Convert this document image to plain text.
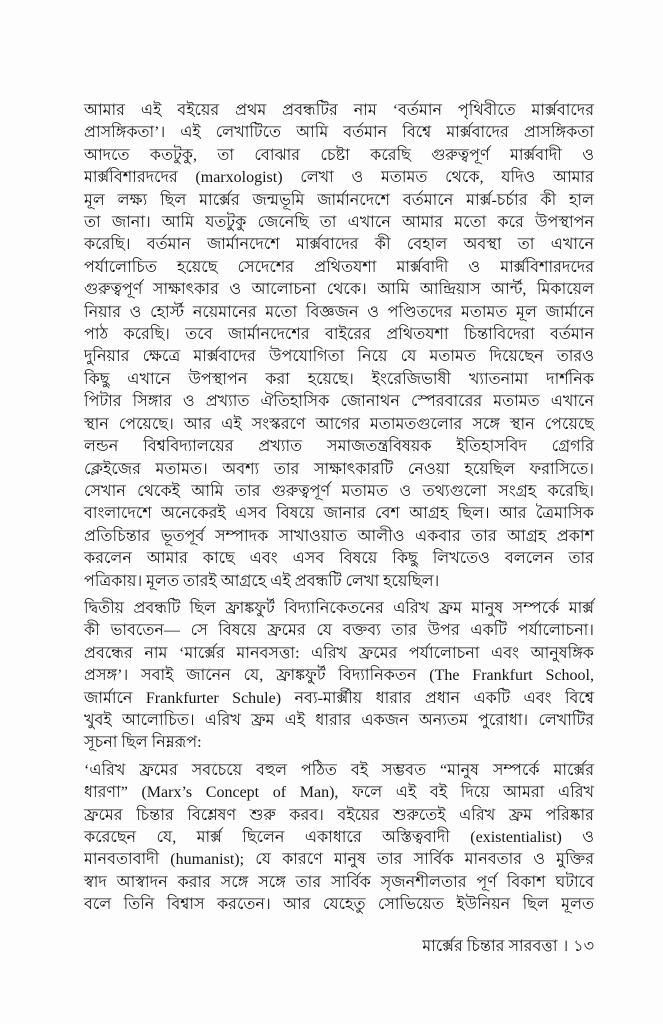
আমার এই বইয়ের প্রথম প্রবন্ধটির নাম ‘বর্তমান পৃথিবীতে মার্ক্সবাদের
প্রাসঙ্গিকতা’। এই লেখাটিতে আমি বর্তমান বিশ্বে মার্ক্সবাদের প্রাসঙ্গিকতা
আদতে কতটুকু, তা বোঝার চেষ্টা করেছি গুরুত্বপূর্ণ মার্ক্সবাদী ও
মার্ক্সবিশারদদের (marxologist) লেখা ও মতামত থেকে, যদিও আমার
মূল লক্ষ্য ছিল মার্ক্সের জন্মভূমি জার্মানদেশে বর্তমানে মার্ক্স-চর্চার কী হাল
তা জানা। আমি যতটুকু জেনেছি তা এখানে আমার মতো করে উপস্থাপন
করেছি। বর্তমান জার্মানদেশে মার্ক্সবাদের কী বেহাল অবস্থা তা এখানে
পর্যালোচিত হয়েছে সেদেশের প্রথিতযশা মার্ক্সবাদী ও মার্ক্সবিশারদদের
গুরুত্বপূর্ণ সাক্ষাৎকার ও আলোচনা থেকে। আমি আন্দ্রিয়াস আর্ন্ট, মিকায়েল
নিয়ার ও হোর্স্ট নয়েমানের মতো বিজ্ঞজন ও পণ্ডিতদের মতামত মূল জার্মানে
পাঠ করেছি। তবে জার্মানদেশের বাইরের প্রথিতযশা চিন্তাবিদেরা বর্তমান
দুনিয়ার ক্ষেত্রে মার্ক্সবাদের উপযোগিতা নিয়ে যে মতামত দিয়েছেন তারও
কিছু এখানে উপস্থাপন করা হয়েছে। ইংরেজিভাষী খ্যাতনামা দার্শনিক
পিটার সিঙ্গার ও প্রখ্যাত ঐতিহাসিক জোনাথন স্পেরবারের মতামত এখানে
স্থান পেয়েছে। আর এই সংস্করণে আগের মতামতগুলোর সঙ্গে স্থান পেয়েছে
লন্ডন বিশ্ববিদ্যালয়ের প্রখ্যাত সমাজতন্ত্রবিষয়ক ইতিহাসবিদ গ্রেগরি
ক্লেইজের মতামত। অবশ্য তার সাক্ষাৎকারটি নেওয়া হয়েছিল ফরাসিতে।
সেখান থেকেই আমি তার গুরুত্বপূর্ণ মতামত ও তথ্যগুলো সংগ্রহ করেছি।
বাংলাদেশে অনেকেরই এসব বিষয়ে জানার বেশ আগ্রহ ছিল। আর ত্রৈমাসিক
প্রতিচিন্তার ভূতপূর্ব সম্পাদক সাখাওয়াত আলীও একবার তার আগ্রহ প্রকাশ
করলেন আমার কাছে এবং এসব বিষয়ে কিছু লিখতেও বললেন তার
পত্রিকায়। মূলত তারই আগ্রহে এই প্রবন্ধটি লেখা হয়েছিল।
দ্বিতীয় প্রবন্ধটি ছিল ফ্রাঙ্কফুর্ট বিদ্যানিকেতনের এরিখ ফ্রম মানুষ সম্পর্কে মার্ক্স
কী ভাবতেন— সে বিষয়ে ফ্রমের যে বক্তব্য তার উপর একটি পর্যালোচনা।
প্রবন্ধের নাম ‘মার্ক্সের মানবসত্তা: এরিখ ফ্রমের পর্যালোচনা এবং আনুষঙ্গিক
প্রসঙ্গ’। সবাই জানেন যে, ফ্রাঙ্কফুর্ট বিদ্যানিকতন (The Frankfurt School,
জার্মানে Frankfurter Schule) নব্য-মার্ক্সীয় ধারার প্রধান একটি এবং বিশ্বে
খুবই আলোচিত। এরিখ ফ্রম এই ধারার একজন অন্যতম পুরোধা। লেখাটির
সূচনা ছিল নিম্নরূপ:
‘এরিখ ফ্রমের সবচেয়ে বহুল পঠিত বই সম্ভবত “মানুষ সম্পর্কে মার্ক্সের
ধারণা” (Marx’s Concept of Man), ফলে এই বই দিয়ে আমরা এরিখ
ফ্রমের চিন্তার বিশ্লেষণ শুরু করব। বইয়ের শুরুতেই এরিখ ফ্রম পরিষ্কার
করেছেন যে, মার্ক্স ছিলেন একাধারে অস্তিত্ববাদী (existentialist) ও
মানবতাবাদী (humanist); যে কারণে মানুষ তার সার্বিক মানবতার ও মুক্তির
স্বাদ আস্বাদন করার সঙ্গে সঙ্গে তার সার্বিক সৃজনশীলতার পূর্ণ বিকাশ ঘটাবে
বলে তিনি বিশ্বাস করতেন। আর যেহেতু সোভিয়েত ইউনিয়ন ছিল মূলত
মার্ক্সের চিন্তার সারবত্তা । ১৩
